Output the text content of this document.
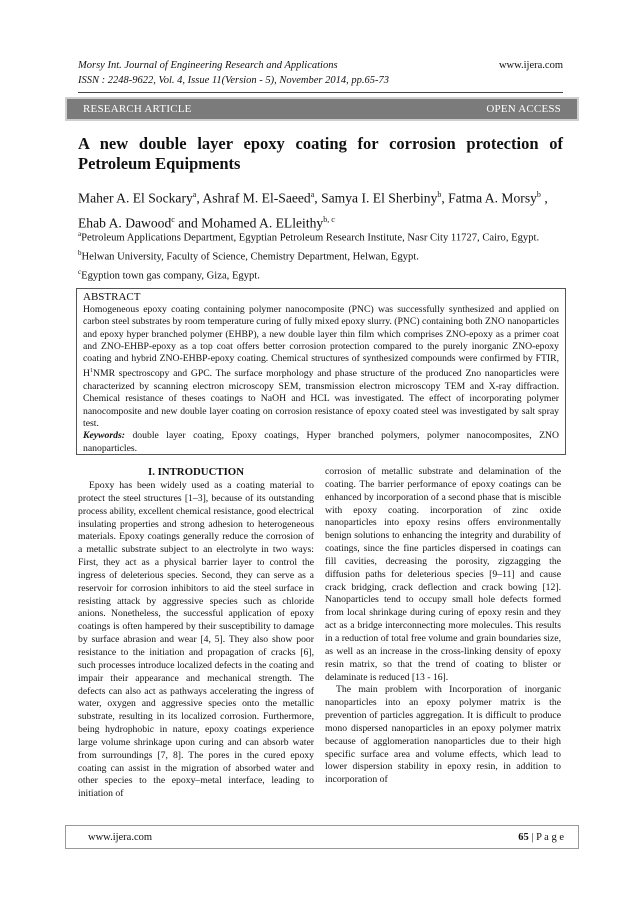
Morsy Int. Journal of Engineering Research and Applications	www.ijera.com
ISSN : 2248-9622, Vol. 4, Issue 11(Version - 5), November 2014, pp.65-73
RESEARCH ARTICLE	OPEN ACCESS
A new double layer epoxy coating for corrosion protection of Petroleum Equipments

Maher A. El Sockary$^a$, Ashraf M. El-Saeed$^a$, Samya I. El Sherbiny$^b$, Fatma A. Morsy$^b$ , Ehab A. Dawood$^c$ and Mohamed A. ELleithy$^{b, c}$

$^a$Petroleum Applications Department, Egyptian Petroleum Research Institute, Nasr City 11727, Cairo, Egypt.
$^b$Helwan University, Faculty of Science, Chemistry Department, Helwan, Egypt.
$^c$Egyption town gas company, Giza, Egypt.
ABSTRACT

Homogeneous epoxy coating containing polymer nanocomposite (PNC) was successfully synthesized and applied on carbon steel substrates by room temperature curing of fully mixed epoxy slurry. (PNC) containing both ZNO nanoparticles and epoxy hyper branched polymer (EHBP), a new double layer thin film which comprises ZNO-epoxy as a primer coat and ZNO-EHBP-epoxy as a top coat offers better corrosion protection compared to the purely inorganic ZNO-epoxy coating and hybrid ZNO-EHBP-epoxy coating. Chemical structures of synthesized compounds were confirmed by FTIR, $H^1NMR$ spectroscopy and GPC. The surface morphology and phase structure of the produced Zno nanoparticles were characterized by scanning electron microscopy SEM, transmission electron microscopy TEM and X-ray diffraction. Chemical resistance of theses coatings to NaOH and HCL was investigated. The effect of incorporating polymer nanocomposite and new double layer coating on corrosion resistance of epoxy coated steel was investigated by salt spray test.

Keywords: double layer coating, Epoxy coatings, Hyper branched polymers, polymer nanocomposites, ZNO nanoparticles.

I. INTRODUCTION

Epoxy has been widely used as a coating material to protect the steel structures [1–3], because of its outstanding process ability, excellent chemical resistance, good electrical insulating properties and strong adhesion to heterogeneous materials. Epoxy coatings generally reduce the corrosion of a metallic substrate subject to an electrolyte in two ways: First, they act as a physical barrier layer to control the ingress of deleterious species. Second, they can serve as a reservoir for corrosion inhibitors to aid the steel surface in resisting attack by aggressive species such as chloride anions. Nonetheless, the successful application of epoxy coatings is often hampered by their susceptibility to damage by surface abrasion and wear [4, 5]. They also show poor resistance to the initiation and propagation of cracks [6], such processes introduce localized defects in the coating and impair their appearance and mechanical strength. The defects can also act as pathways accelerating the ingress of water, oxygen and aggressive species onto the metallic substrate, resulting in its localized corrosion. Furthermore, being hydrophobic in nature, epoxy coatings experience large volume shrinkage upon curing and can absorb water from surroundings [7, 8]. The pores in the cured epoxy coating can assist in the migration of absorbed water and other species to the epoxy–metal interface, leading to initiation of

corrosion of metallic substrate and delamination of the coating. The barrier performance of epoxy coatings can be enhanced by incorporation of a second phase that is miscible with epoxy coating. incorporation of zinc oxide nanoparticles into epoxy resins offers environmentally benign solutions to enhancing the integrity and durability of coatings, since the fine particles dispersed in coatings can fill cavities, decreasing the porosity, zigzagging the diffusion paths for deleterious species [9–11] and cause crack bridging, crack deflection and crack bowing [12]. Nanoparticles tend to occupy small hole defects formed from local shrinkage during curing of epoxy resin and they act as a bridge interconnecting more molecules. This results in a reduction of total free volume and grain boundaries size, as well as an increase in the cross-linking density of epoxy resin matrix, so that the trend of coating to blister or delaminate is reduced [13 - 16].

The main problem with Incorporation of inorganic nanoparticles into an epoxy polymer matrix is the prevention of particles aggregation. It is difficult to produce mono dispersed nanoparticles in an epoxy polymer matrix because of agglomeration nanoparticles due to their high specific surface area and volume effects, which lead to lower dispersion stability in epoxy resin, in addition to incorporation of

www.ijera.com	65 | P a g e
